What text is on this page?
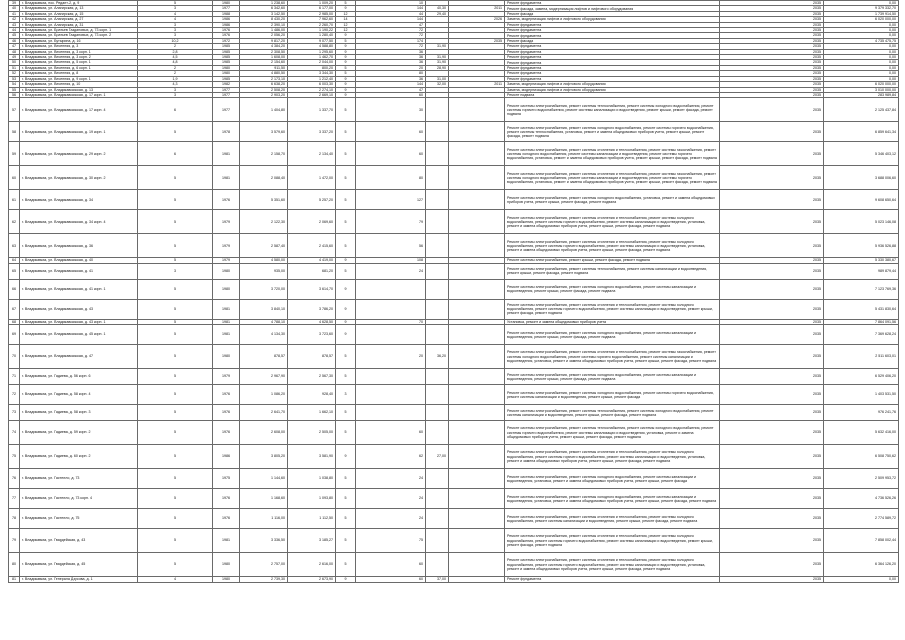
39	г. Владикавказ, пос. Редант-2, д. 9	5	1980	1 238,60	1 009,20	5	10			Ремонт фундамента	2035	0,00
40	г. Владикавказ, ул. Алагирская, д. 13	3	1977	6 342,60	6 177,00	9	144	40,30	2011	Ремонт фасада, замена, модернизация лифтов и лифтового оборудования	2035	9 379 332,70
41	г. Владикавказ, ул. Алагирская, д. 15	4	1988	3 142,50	2 985,00	12	44	29,40		Ремонт фасада	2035	1 739 914,50
42	г. Владикавказ, ул. Алагирская, д. 27	4	1986	8 430,20	7 962,60	14	144		2026	Замена, модернизация лифтов и лифтового оборудования	2035	6 020 000,00
43	г. Владикавказ, ул. Алагирская, д. 31	3	1986	2 390,10	2 260,70	12	47			Ремонт фундамента	2035	0,00
44	г. Владикавказ, ул. Братьев Газдановых, д. 73 корп. 1	3	1976	1 486,00	1 190,22	12	72			Ремонт фундамента	2035	0,00
45	г. Владикавказ, ул. Братьев Газдановых, д. 73 корп. 2	3	1976	2 056,20	1 280,40	9	72			Ремонт фундамента	2035	0,00
46	г. Владикавказ, ул. Бутырина, д. 16	10,2	1972	9 817,20	9 077,50	5	174		2035	Ремонт фасада	2035	4 735 475,75
47	г. Владикавказ, ул. Весенняя, д. 3	2	1985	4 384,20	4 588,80	9	72	31,90		Ремонт фундамента	2035	0,00
48	г. Владикавказ, ул. Весенняя, д. 3 корп. 1	2,8	1985	2 308,50	1 295,60	9	36			Ремонт фундамента	2035	0,00
49	г. Владикавказ, ул. Весенняя, д. 3 корп. 2	4,5	1985	1 608,00	1 462,70	9	36	31,90		Ремонт фундамента	2035	0,00
50	г. Владикавказ, ул. Весенняя, д. 5 корп. 1	4,8	1985	2 154,60	2 044,00	9	36	31,90		Ремонт фундамента	2035	0,00
51	г. Владикавказ, ул. Весенняя, д. 6 корп. 1	2	1980	911,50	800,20	5	20	28,90		Ремонт фундамента	2035	0,00
52	г. Владикавказ, ул. Весенняя, д. 8	2	1980	4 880,50	3 344,30	5	80			Ремонт фундамента	2035	0,00
53	г. Владикавказ, ул. Весенняя, д. 9 корп. 1	1,9	1985	2 173,10	1 212,40	9	36	31,00		Ремонт фундамента	2035	0,00
54	г. Владикавказ, ул. Весенняя, д. 10	4,3	1982	6 638,20	6 003,30	9	144	32,00	2011	Замена, модернизация лифтов и лифтового оборудования	2035	6 020 000,00
55	г. Владикавказ, ул. Владикавказская, д. 13	3	1977	2 508,20	2 274,10	9	47			Замена, модернизация лифтов и лифтового оборудования	2035	3 010 000,00
56	г. Владикавказ, ул. Владикавказская, д. 17 корп. 1	3	1977	2 903,20	2 669,10	9	60			Ремонт подвала	2035	283 989,84
57	г. Владикавказ, ул. Владикавказская, д. 17 корп. 4	6	1977	1 404,80	1 337,70	5	30			Ремонт системы электроснабжения, ремонт системы теплоснабжения, ремонт системы холодного водоснабжения, ремонт системы горячего водоснабжения, ремонт системы канализации и водоотведения, ремонт крыши, ремонт фасада, ремонт подвала	2035	2 125 437,84
58	г. Владикавказ, ул. Владикавказская, д. 19 корп. 1	5	1978	3 579,60	3 337,20	5	60			Ремонт системы электроснабжения, ремонт системы холодного водоснабжения, ремонт системы горячего водоснабжения, ремонт системы теплоснабжения, установка, ремонт и замена общедомовых приборов учета, ремонт крыши, ремонт фасада, ремонт подвала	2035	6 859 641,34
59	г. Владикавказ, ул. Владикавказская, д. 29 корп. 2	6	1981	2 158,70	2 134,40	5	60			Ремонт системы электроснабжения, ремонт системы отопления и теплоснабжения, ремонт системы газоснабжения, ремонт системы холодного водоснабжения, ремонт системы канализации и водоотведения, ремонт системы горячего водоснабжения, установка, ремонт и замена общедомовых приборов учета, ремонт крыши, ремонт фасада, ремонт подвала	2035	5 346 403,12
60	г. Владикавказ, ул. Владикавказская, д. 30 корп. 2	5	1981	2 088,40	1 472,00	5	80			Ремонт системы электроснабжения, ремонт системы отопления и теплоснабжения, ремонт системы газоснабжения, ремонт системы холодного водоснабжения, ремонт системы канализации и водоотведения, ремонт системы горячего водоснабжения, установка, ремонт и замена общедомовых приборов учета, ремонт крыши, ремонт фасада, ремонт подвала	2035	3 688 006,60
61	г. Владикавказ, ул. Владикавказская, д. 34	5	1976	5 351,60	5 257,20	5	127			Ремонт системы электроснабжения, ремонт системы холодного водоснабжения, установка, ремонт и замена общедомовых приборов учета, ремонт крыши, ремонт фасада, ремонт подвала	2035	9 608 650,64
62	г. Владикавказ, ул. Владикавказская, д. 34 корп. 4	5	1979	2 122,30	2 069,60	5	79			Ремонт системы электроснабжения, ремонт системы отопления и теплоснабжения, ремонт системы холодного водоснабжения, ремонт системы горячего водоснабжения, ремонт системы канализации и водоотведения, установка, ремонт и замена общедомовых приборов учета, ремонт крыши, ремонт фасада, ремонт подвала	2035	5 023 146,08
63	г. Владикавказ, ул. Владикавказская, д. 36	5	1979	2 587,40	2 415,60	5	56			Ремонт системы электроснабжения, ремонт системы отопления и теплоснабжения, ремонт системы холодного водоснабжения, ремонт системы горячего водоснабжения, ремонт системы канализации и водоотведения, установка, ремонт и замена общедомовых приборов учета, ремонт крыши, ремонт фасада, ремонт подвала	2035	5 936 526,88
64	г. Владикавказ, ул. Владикавказская, д. 40	5	1979	4 580,00	4 419,00	9	108			Ремонт системы электроснабжения, ремонт крыши, ремонт фасада, ремонт подвала	2035	5 330 380,67
65	г. Владикавказ, ул. Владикавказская, д. 41	3	1980	935,00	681,20	5	24			Ремонт системы электроснабжения, ремонт системы теплоснабжения, ремонт системы канализации и водоотведения, ремонт крыши, ремонт фасада, ремонт подвала	2035	989 879,44
66	г. Владикавказ, ул. Владикавказская, д. 41 корп. 1	5	1980	3 720,00	3 614,70	9				Ремонт системы электроснабжения, ремонт системы холодного водоснабжения, ремонт системы канализации и водоотведения, ремонт крыши, ремонт фасада, ремонт подвала	2035	7 123 769,36
67	г. Владикавказ, ул. Владикавказская, д. 43	5	1981	3 840,10	3 786,20	9				Ремонт системы электроснабжения, ремонт системы отопления и теплоснабжения, ремонт системы холодного водоснабжения, ремонт системы горячего водоснабжения, ремонт системы канализации и водоотведения, ремонт крыши, ремонт фасада, ремонт подвала	2035	5 431 830,64
68	г. Владикавказ, ул. Владикавказская, д. 43 корп. 1	5	1981	4 788,10	4 628,50	9	70			Установка, ремонт и замена общедомовых приборов учета	2035	7 864 091,56
69	г. Владикавказ, ул. Владикавказская, д. 45 корп. 1	5	1981	4 134,30	3 723,60	9				Ремонт системы электроснабжения, ремонт системы холодного водоснабжения, ремонт системы канализации и водоотведения, ремонт крыши, ремонт фасада, ремонт подвала	2035	7 369 628,24
70	г. Владикавказ, ул. Владикавказская, д. 47	5	1980	878,57	878,57	5	20	36,20		Ремонт системы электроснабжения, ремонт системы отопления и теплоснабжения, ремонт системы газоснабжения, ремонт системы холодного водоснабжения, ремонт системы горячего водоснабжения, ремонт системы канализации и водоотведения, установка, ремонт и замена общедомовых приборов учета, ремонт крыши, ремонт фасада, ремонт подвала	2035	2 511 603,01
71	г. Владикавказ, ул. Гадиева, д. 56 корп. 6	5	1979	2 967,90	2 567,30	5				Ремонт системы электроснабжения, ремонт системы холодного водоснабжения, ремонт системы канализации и водоотведения, ремонт крыши, ремонт фасада, ремонт подвала	2035	6 529 406,20
72	г. Владикавказ, ул. Гадиева, д. 58 корп. 4	5	1976	1 086,20	928,40	3				Ремонт системы электроснабжения, ремонт системы холодного водоснабжения, ремонт системы горячего водоснабжения, ремонт системы канализации и водоотведения, ремонт крыши, ремонт фасада	2035	1 403 531,50
73	г. Владикавказ, ул. Гадиева, д. 58 корп. 3	5	1976	2 641,70	1 662,10	5				Ремонт системы электроснабжения, ремонт системы теплоснабжения, ремонт системы холодного водоснабжения, ремонт системы канализации и водоотведения, ремонт крыши, ремонт фасада, ремонт подвала	2035	976 241,76
74	г. Владикавказ, ул. Гадиева, д. 59 корп. 2	5	1976	2 608,00	2 505,00	5	60			Ремонт системы электроснабжения, ремонт системы теплоснабжения, ремонт системы холодного водоснабжения, ремонт системы горячего водоснабжения, ремонт системы канализации и водоотведения, установка, ремонт и замена общедомовых приборов учета, ремонт крыши, ремонт фасада, ремонт подвала	2035	5 632 416,00
75	г. Владикавказ, ул. Гадиева, д. 60 корп. 2	5	1986	3 805,20	3 581,90	9	62	27,00		Ремонт системы электроснабжения, ремонт системы отопления и теплоснабжения, ремонт системы холодного водоснабжения, ремонт системы горячего водоснабжения, ремонт системы канализации и водоотведения, установка, ремонт и замена общедомовых приборов учета, ремонт крыши, ремонт фасада, ремонт подвала	2035	6 508 750,62
76	г. Владикавказ, ул. Гастелло, д. 73	5	1975	1 144,60	1 038,80	5	24			Ремонт системы электроснабжения, ремонт системы холодного водоснабжения, ремонт системы канализации и водоотведения, установка, ремонт и замена общедомовых приборов учета, ремонт крыши, ремонт фасада	2035	2 509 953,72
77	г. Владикавказ, ул. Гастелло, д. 73 корп. 4	5	1976	1 168,60	1 093,80	5	24			Ремонт системы электроснабжения, ремонт системы холодного водоснабжения, ремонт системы канализации и водоотведения, установка, ремонт и замена общедомовых приборов учета, ремонт крыши, ремонт фасада, ремонт подвала	2035	4 736 526,26
78	г. Владикавказ, ул. Гастелло, д. 75	5	1976	1 116,00	1 112,50	5	24			Ремонт системы электроснабжения, ремонт системы отопления и теплоснабжения, ремонт системы холодного водоснабжения, ремонт системы канализации и водоотведения, ремонт крыши, ремонт фасада, ремонт подвала	2035	2 774 589,72
79	г. Владикавказ, ул. Гвардейская, д. 43	5	1981	3 336,50	3 185,27	5	75			Ремонт системы электроснабжения, ремонт системы отопления и теплоснабжения, ремонт системы холодного водоснабжения, ремонт системы горячего водоснабжения, ремонт системы канализации и водоотведения, ремонт крыши, ремонт фасада, ремонт подвала	2035	7 858 002,44
80	г. Владикавказ, ул. Гвардейская, д. 45	5	1980	2 757,00	2 616,00	5	60			Ремонт системы электроснабжения, ремонт системы отопления и теплоснабжения, ремонт системы холодного водоснабжения, ремонт системы горячего водоснабжения, ремонт системы канализации и водоотведения, установка, ремонт и замена общедомовых приборов учета, ремонт крыши, ремонт фасада, ремонт подвала	2035	6 364 126,20
81	г. Владикавказ, ул. Генерала Дзусова, д. 1	4	1980	2 739,30	2 673,90	9	60	37,00		Ремонт фундамента	2035	0,00
